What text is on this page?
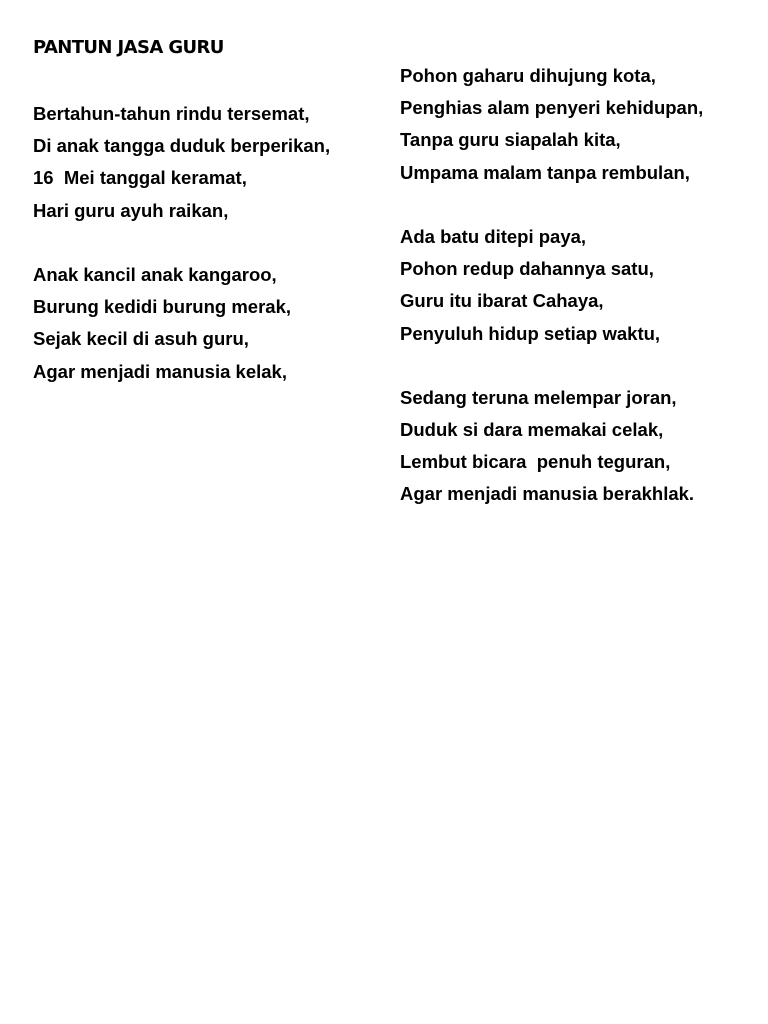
PANTUN JASA GURU
Bertahun-tahun rindu tersemat,
Di anak tangga duduk berperikan,
16  Mei tanggal keramat,
Hari guru ayuh raikan,
Anak kancil anak kangaroo,
Burung kedidi burung merak,
Sejak kecil di asuh guru,
Agar menjadi manusia kelak,
Pohon gaharu dihujung kota,
Penghias alam penyeri kehidupan,
Tanpa guru siapalah kita,
Umpama malam tanpa rembulan,
Ada batu ditepi paya,
Pohon redup dahannya satu,
Guru itu ibarat Cahaya,
Penyuluh hidup setiap waktu,
Sedang teruna melempar joran,
Duduk si dara memakai celak,
Lembut bicara  penuh teguran,
Agar menjadi manusia berakhlak.
